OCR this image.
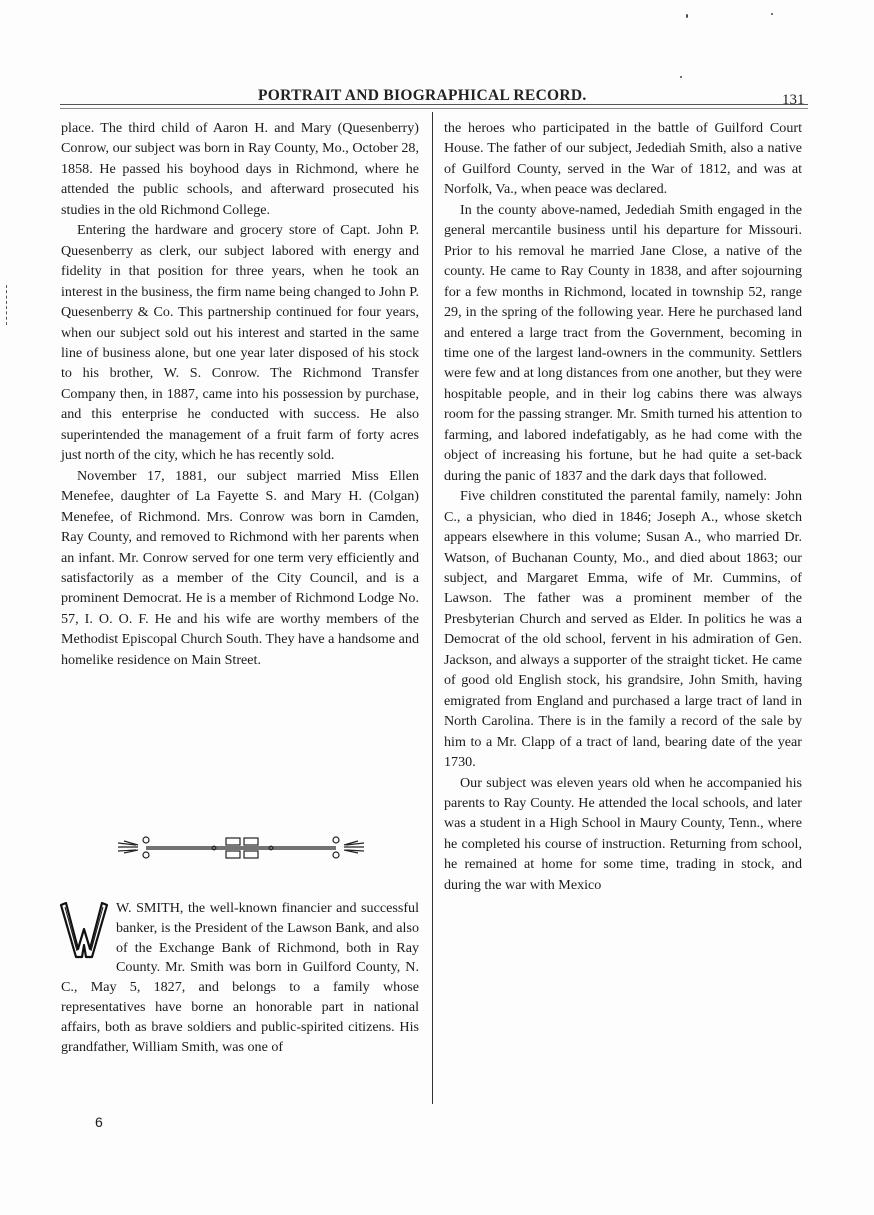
PORTRAIT AND BIOGRAPHICAL RECORD.	131

place. The third child of Aaron H. and Mary (Quesenberry) Conrow, our subject was born in Ray County, Mo., October 28, 1858. He passed his boyhood days in Richmond, where he attended the public schools, and afterward prosecuted his studies in the old Richmond College.

Entering the hardware and grocery store of Capt. John P. Quesenberry as clerk, our subject labored with energy and fidelity in that position for three years, when he took an interest in the business, the firm name being changed to John P. Quesenberry & Co. This partnership continued for four years, when our subject sold out his interest and started in the same line of business alone, but one year later disposed of his stock to his brother, W. S. Conrow. The Richmond Transfer Company then, in 1887, came into his possession by purchase, and this enterprise he conducted with success. He also superintended the management of a fruit farm of forty acres just north of the city, which he has recently sold.

November 17, 1881, our subject married Miss Ellen Menefee, daughter of La Fayette S. and Mary H. (Colgan) Menefee, of Richmond. Mrs. Conrow was born in Camden, Ray County, and removed to Richmond with her parents when an infant. Mr. Conrow served for one term very efficiently and satisfactorily as a member of the City Council, and is a prominent Democrat. He is a member of Richmond Lodge No. 57, I. O. O. F. He and his wife are worthy members of the Methodist Episcopal Church South. They have a handsome and homelike residence on Main Street.

W. SMITH, the well-known financier and successful banker, is the President of the Lawson Bank, and also of the Exchange Bank of Richmond, both in Ray County. Mr. Smith was born in Guilford County, N. C., May 5, 1827, and belongs to a family whose representatives have borne an honorable part in national affairs, both as brave soldiers and public-spirited citizens. His grandfather, William Smith, was one of
6

the heroes who participated in the battle of Guilford Court House. The father of our subject, Jedediah Smith, also a native of Guilford County, served in the War of 1812, and was at Norfolk, Va., when peace was declared.

In the county above-named, Jedediah Smith engaged in the general mercantile business until his departure for Missouri. Prior to his removal he married Jane Close, a native of the county. He came to Ray County in 1838, and after sojourning for a few months in Richmond, located in township 52, range 29, in the spring of the following year. Here he purchased land and entered a large tract from the Government, becoming in time one of the largest land-owners in the community. Settlers were few and at long distances from one another, but they were hospitable people, and in their log cabins there was always room for the passing stranger. Mr. Smith turned his attention to farming, and labored indefatigably, as he had come with the object of increasing his fortune, but he had quite a set-back during the panic of 1837 and the dark days that followed.

Five children constituted the parental family, namely: John C., a physician, who died in 1846; Joseph A., whose sketch appears elsewhere in this volume; Susan A., who married Dr. Watson, of Buchanan County, Mo., and died about 1863; our subject, and Margaret Emma, wife of Mr. Cummins, of Lawson. The father was a prominent member of the Presbyterian Church and served as Elder. In politics he was a Democrat of the old school, fervent in his admiration of Gen. Jackson, and always a supporter of the straight ticket. He came of good old English stock, his grandsire, John Smith, having emigrated from England and purchased a large tract of land in North Carolina. There is in the family a record of the sale by him to a Mr. Clapp of a tract of land, bearing date of the year 1730.

Our subject was eleven years old when he accompanied his parents to Ray County. He attended the local schools, and later was a student in a High School in Maury County, Tenn., where he completed his course of instruction. Returning from school, he remained at home for some time, trading in stock, and during the war with Mexico
